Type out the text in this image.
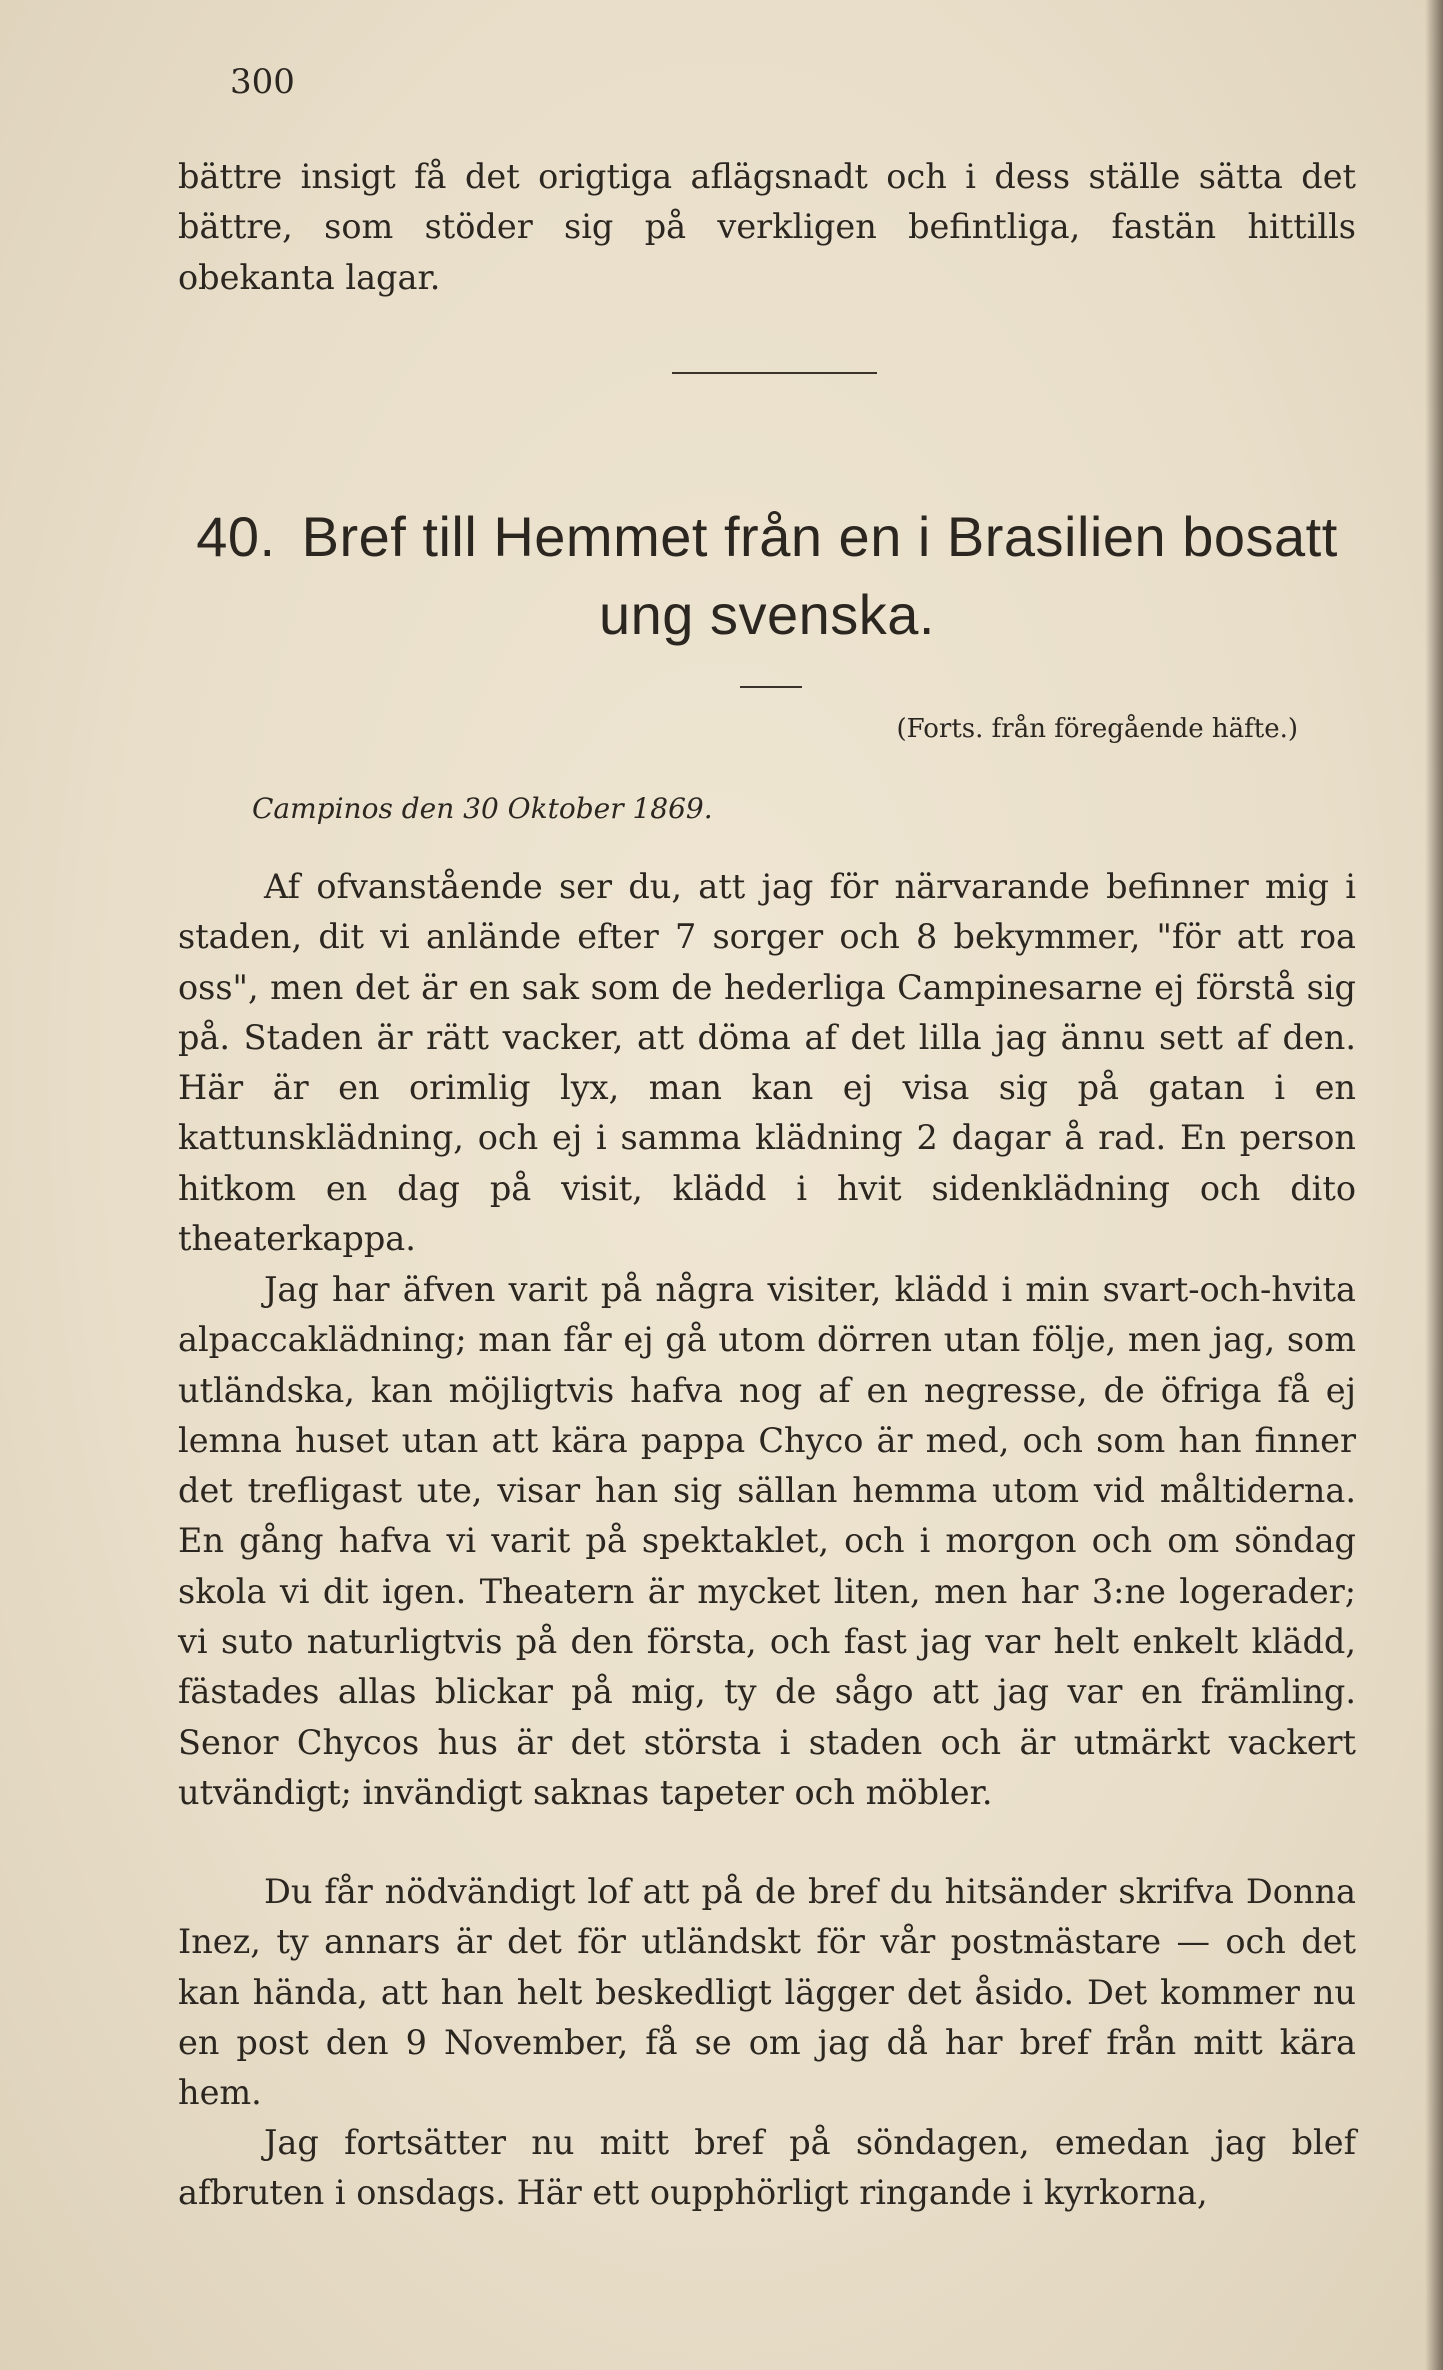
300

bättre insigt få det origtiga aflägsnadt och i dess ställe sätta det bättre, som stöder sig på verkligen befintliga, fastän hittills obekanta lagar.

40. Bref till Hemmet från en i Brasilien bosatt ung svenska.
(Forts. från föregående häfte.)
Campinos den 30 Oktober 1869.

Af ofvanstående ser du, att jag för närvarande befinner mig i staden, dit vi anlände efter 7 sorger och 8 bekymmer, "för att roa oss", men det är en sak som de hederliga Campinesarne ej förstå sig på. Staden är rätt vacker, att döma af det lilla jag ännu sett af den. Här är en orimlig lyx, man kan ej visa sig på gatan i en kattunsklädning, och ej i samma klädning 2 dagar å rad. En person hitkom en dag på visit, klädd i hvit sidenklädning och dito theaterkappa.

Jag har äfven varit på några visiter, klädd i min svart-och-hvita alpaccaklädning; man får ej gå utom dörren utan följe, men jag, som utländska, kan möjligtvis hafva nog af en negresse, de öfriga få ej lemna huset utan att kära pappa Chyco är med, och som han finner det trefligast ute, visar han sig sällan hemma utom vid måltiderna. En gång hafva vi varit på spektaklet, och i morgon och om söndag skola vi dit igen. Theatern är mycket liten, men har 3:ne logerader; vi suto naturligtvis på den första, och fast jag var helt enkelt klädd, fästades allas blickar på mig, ty de sågo att jag var en främling. Senor Chycos hus är det största i staden och är utmärkt vackert utvändigt; invändigt saknas tapeter och möbler.

Du får nödvändigt lof att på de bref du hitsänder skrifva Donna Inez, ty annars är det för utländskt för vår postmästare — och det kan hända, att han helt beskedligt lägger det åsido. Det kommer nu en post den 9 November, få se om jag då har bref från mitt kära hem.

Jag fortsätter nu mitt bref på söndagen, emedan jag blef afbruten i onsdags. Här ett oupphörligt ringande i kyrkorna,
